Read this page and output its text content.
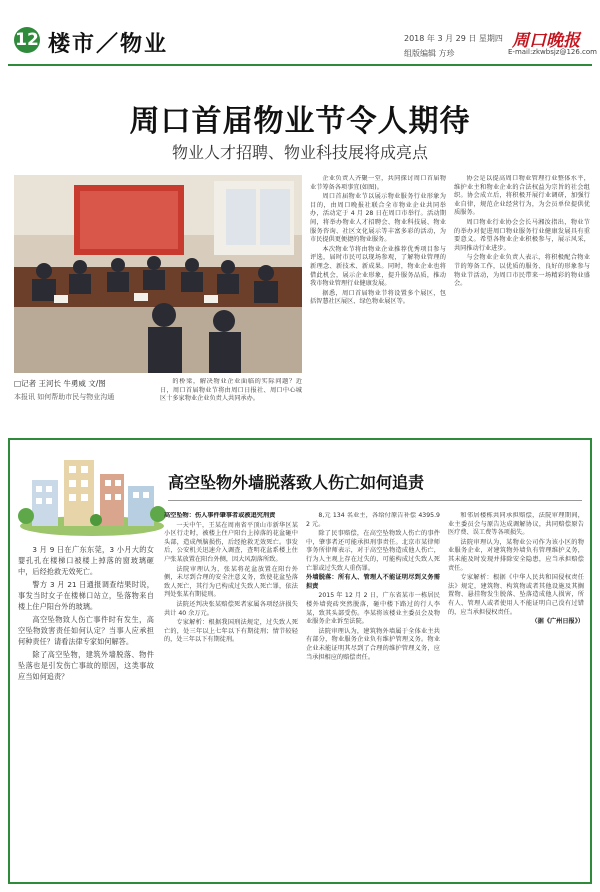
12 楼市／物业	2018 年 3 月 29 日 星期四
组版编辑 方珍
周口晚报
E-mail:zkwbsjz@126.com
周口首届物业节令人期待
物业人才招聘、物业科技展将成亮点
□记者 王河长 牛勇威 文/图
本报讯 如何帮助市民与物业沟通

的桥梁，解决物业企业面临的实际问题？近日，周口首届物业节将由周口日报社、周口中心城区十多家物业企业负责人共同承办。

企业负责人齐聚一堂，共同探讨周口首届物业节筹备各项事宜(如图)。

周口首届物业节以展示物业服务行业形象为目的，由周口晚报社联合全市物业企业共同举办，活动定于 4 月 28 日在周口市举行。活动期间，将举办物业人才招聘会、物业科技展、物业服务咨询、社区文化展示等丰富多彩的活动，为市民提供更便捷的物业服务。

本次物业节将由物业企业推荐优秀项目参与评选，届时市民可以现场参观，了解物业管理的新理念、新技术、新成果。同时，物业企业也将借此机会，展示企业形象，提升服务品质，推动我市物业管理行业健康发展。

据悉，周口首届物业节将设置多个展区，包括智慧社区展区、绿色物业展区等。

协会是以提高周口物业管理行业整体水平，维护业主和物业企业的合法权益为宗旨的社会组织。协会成立后，将积极开展行业调研，加强行业自律，规范企业经营行为，为会员单位提供优质服务。

周口物业行业协会会长马湘汝指出，物业节的举办对促进周口物业服务行业健康发展具有重要意义。希望各物业企业积极参与，展示风采，共同推动行业进步。

与会物业企业负责人表示，将积极配合物业节的筹备工作，以优质的服务、良好的形象参与物业节活动，为周口市民带来一场精彩的物业盛会。

高空坠物外墙脱落致人伤亡如何追责

3 月 9 日在广东东莞，3 小月大的女婴孔孔在楼梯口被楼上掉落的窗玻璃砸中，后经抢救无效死亡。

警方 3 月 21 日通报调查结果时说，事发当时女子在楼梯口站立，坠落物来自楼上住户阳台外的玻璃。

高空坠物致人伤亡事件时有发生，高空坠物致害责任如何认定？当事人应承担何种责任？请看法律专家如何解答。

除了高空坠物，建筑外墙脱落、物件坠落也是引发伤亡事故的原因，这类事故应当如何追责？

高空坠物：伤人事件肇事者或被追究刑责

一天中午，王某在周南省平顶山市新华区某小区行走时，被楼上住户阳台上掉落的花盆砸中头部，造成颅脑损伤，后经抢救无效死亡。事发后，公安机关迅速介入调查，查明花盆系楼上住户张某放置在阳台外侧，因大风刮落所致。

法院审理认为，张某将花盆放置在阳台外侧，未尽到合理的安全注意义务，致使花盆坠落致人死亡，其行为已构成过失致人死亡罪，依法判处张某有期徒刑。

法院还判决张某赔偿死者家属各项经济损失共计 40 余万元。

专家解析：根据我国刑法规定，过失致人死亡的，处三年以上七年以下有期徒刑；情节较轻的，处三年以下有期徒刑。

8,元 134 名业主，各给付原告补偿 4395.92 元。

除了民事赔偿，在高空坠物致人伤亡的事件中，肇事者还可能承担刑事责任。北京市某律师事务所律师表示，对于高空坠物造成他人伤亡，行为人主观上存在过失的，可能构成过失致人死亡罪或过失致人重伤罪。

外墙脱落：所有人、管理人不能证明尽到义务需担责

2015 年 12 月 2 日，广东省某市一栋居民楼外墙瓷砖突然脱落，砸中楼下路过的行人李某，致其头部受伤。李某将该楼业主委员会及物业服务企业诉至法院。

法院审理认为，建筑物外墙属于全体业主共有部分，物业服务企业负有维护管理义务。物业企业未能证明其尽到了合理的维护管理义务，应当承担相应的赔偿责任。

和邻居楼栋共同承担赔偿，法院审理期间，业主委员会与原告达成调解协议，共同赔偿原告医疗费、误工费等各项损失。

法院审理认为，某物业公司作为该小区的物业服务企业，对建筑物外墙负有管理维护义务，其未能及时发现并排除安全隐患，应当承担赔偿责任。

专家解析：根据《中华人民共和国侵权责任法》规定，建筑物、构筑物或者其他设施及其搁置物、悬挂物发生脱落、坠落造成他人损害，所有人、管理人或者使用人不能证明自己没有过错的，应当承担侵权责任。

（据《广州日报》）
